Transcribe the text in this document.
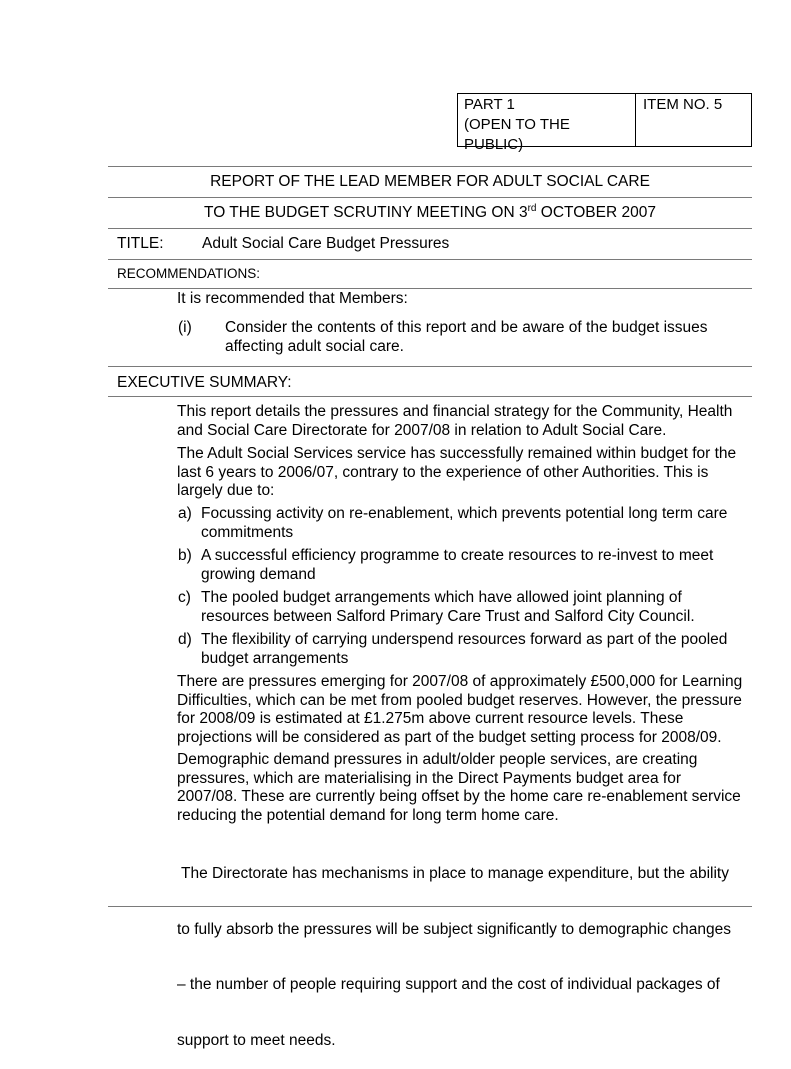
PART 1
(OPEN TO THE
PUBLIC)
ITEM NO. 5
REPORT OF THE LEAD MEMBER FOR ADULT SOCIAL CARE
TO THE BUDGET SCRUTINY MEETING ON 3rd OCTOBER 2007
TITLE: Adult Social Care Budget Pressures
RECOMMENDATIONS:
It is recommended that Members:
(i) Consider the contents of this report and be aware of the budget issues
affecting adult social care.
EXECUTIVE SUMMARY:
This report details the pressures and financial strategy for the Community, Health
and Social Care Directorate for 2007/08 in relation to Adult Social Care.
The Adult Social Services service has successfully remained within budget for the
last 6 years to 2006/07, contrary to the experience of other Authorities. This is
largely due to:
a) Focussing activity on re-enablement, which prevents potential long term care
commitments
b) A successful efficiency programme to create resources to re-invest to meet
growing demand
c) The pooled budget arrangements which have allowed joint planning of
resources between Salford Primary Care Trust and Salford City Council.
d) The flexibility of carrying underspend resources forward as part of the pooled
budget arrangements
There are pressures emerging for 2007/08 of approximately £500,000 for Learning
Difficulties, which can be met from pooled budget reserves. However, the pressure
for 2008/09 is estimated at £1.275m above current resource levels. These
projections will be considered as part of the budget setting process for 2008/09.
Demographic demand pressures in adult/older people services, are creating
pressures, which are materialising in the Direct Payments budget area for
2007/08. These are currently being offset by the home care re-enablement service
reducing the potential demand for long term home care.

The Directorate has mechanisms in place to manage expenditure, but the ability

to fully absorb the pressures will be subject significantly to demographic changes

– the number of people requiring support and the cost of individual packages of

support to meet needs.
